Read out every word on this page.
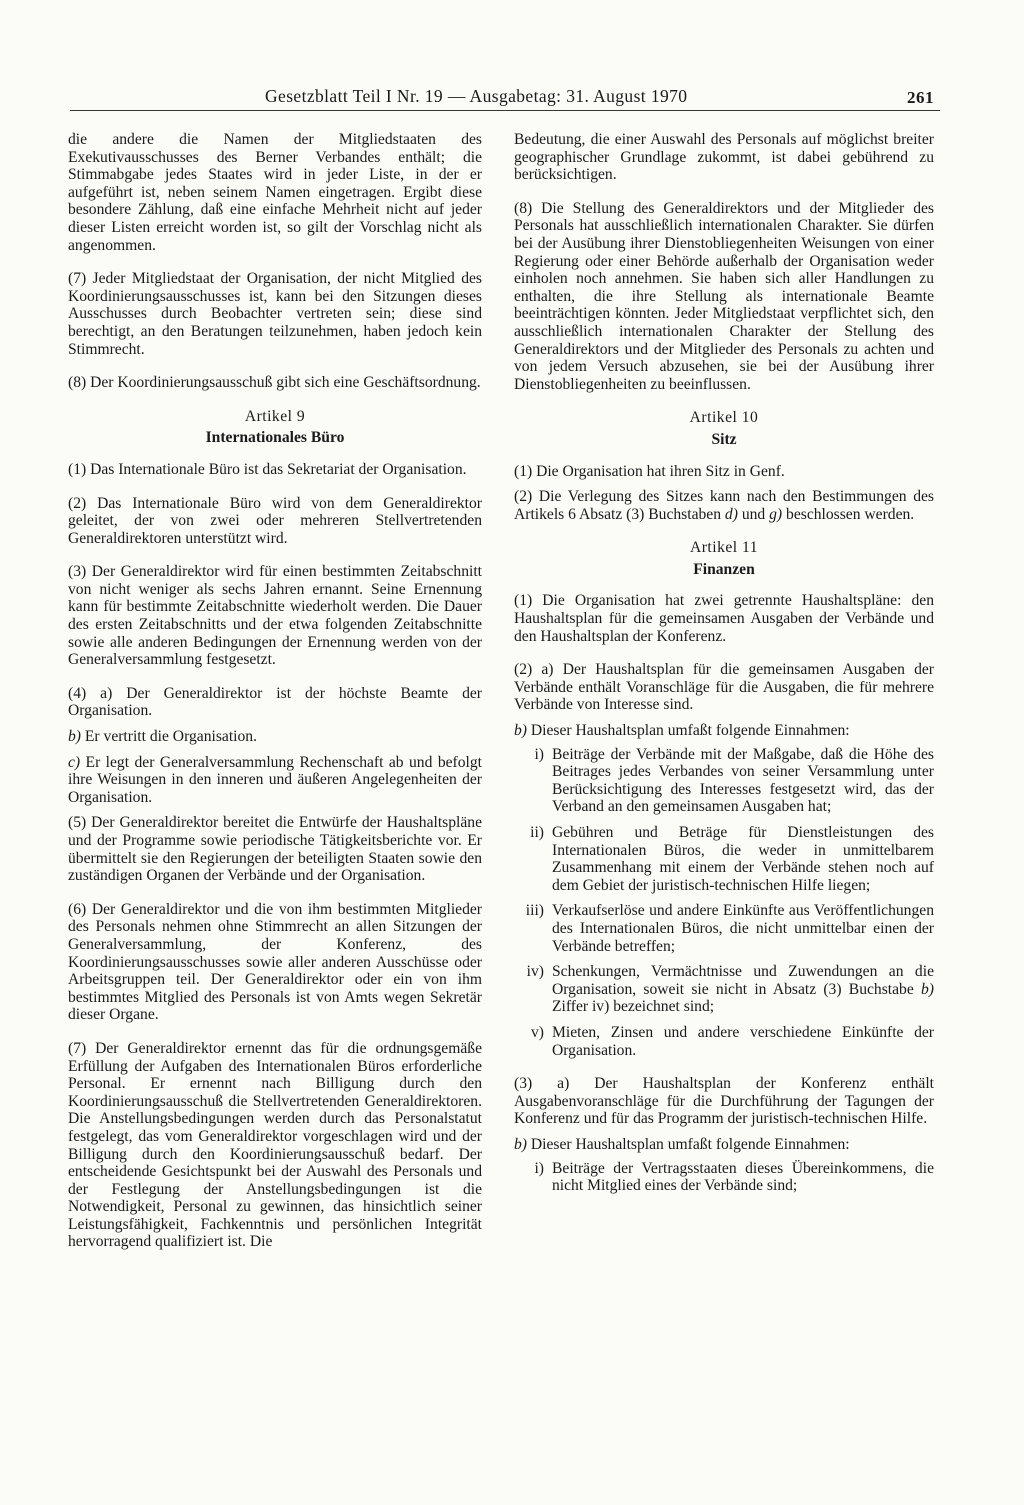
Gesetzblatt Teil I Nr. 19 — Ausgabetag: 31. August 1970	261

die andere die Namen der Mitgliedstaaten des Exekutivausschusses des Berner Verbandes enthält; die Stimmabgabe jedes Staates wird in jeder Liste, in der er aufgeführt ist, neben seinem Namen eingetragen. Ergibt diese besondere Zählung, daß eine einfache Mehrheit nicht auf jeder dieser Listen erreicht worden ist, so gilt der Vorschlag nicht als angenommen.

(7) Jeder Mitgliedstaat der Organisation, der nicht Mitglied des Koordinierungsausschusses ist, kann bei den Sitzungen dieses Ausschusses durch Beobachter vertreten sein; diese sind berechtigt, an den Beratungen teilzunehmen, haben jedoch kein Stimmrecht.

(8) Der Koordinierungsausschuß gibt sich eine Geschäftsordnung.

Artikel 9
Internationales Büro

(1) Das Internationale Büro ist das Sekretariat der Organisation.

(2) Das Internationale Büro wird von dem Generaldirektor geleitet, der von zwei oder mehreren Stellvertretenden Generaldirektoren unterstützt wird.

(3) Der Generaldirektor wird für einen bestimmten Zeitabschnitt von nicht weniger als sechs Jahren ernannt. Seine Ernennung kann für bestimmte Zeitabschnitte wiederholt werden. Die Dauer des ersten Zeitabschnitts und der etwa folgenden Zeitabschnitte sowie alle anderen Bedingungen der Ernennung werden von der Generalversammlung festgesetzt.

(4) a) Der Generaldirektor ist der höchste Beamte der Organisation.

b) Er vertritt die Organisation.

c) Er legt der Generalversammlung Rechenschaft ab und befolgt ihre Weisungen in den inneren und äußeren Angelegenheiten der Organisation.

(5) Der Generaldirektor bereitet die Entwürfe der Haushaltspläne und der Programme sowie periodische Tätigkeitsberichte vor. Er übermittelt sie den Regierungen der beteiligten Staaten sowie den zuständigen Organen der Verbände und der Organisation.

(6) Der Generaldirektor und die von ihm bestimmten Mitglieder des Personals nehmen ohne Stimmrecht an allen Sitzungen der Generalversammlung, der Konferenz, des Koordinierungsausschusses sowie aller anderen Ausschüsse oder Arbeitsgruppen teil. Der Generaldirektor oder ein von ihm bestimmtes Mitglied des Personals ist von Amts wegen Sekretär dieser Organe.

(7) Der Generaldirektor ernennt das für die ordnungsgemäße Erfüllung der Aufgaben des Internationalen Büros erforderliche Personal. Er ernennt nach Billigung durch den Koordinierungsausschuß die Stellvertretenden Generaldirektoren. Die Anstellungsbedingungen werden durch das Personalstatut festgelegt, das vom Generaldirektor vorgeschlagen wird und der Billigung durch den Koordinierungsausschuß bedarf. Der entscheidende Gesichtspunkt bei der Auswahl des Personals und der Festlegung der Anstellungsbedingungen ist die Notwendigkeit, Personal zu gewinnen, das hinsichtlich seiner Leistungsfähigkeit, Fachkenntnis und persönlichen Integrität hervorragend qualifiziert ist. Die

Bedeutung, die einer Auswahl des Personals auf möglichst breiter geographischer Grundlage zukommt, ist dabei gebührend zu berücksichtigen.

(8) Die Stellung des Generaldirektors und der Mitglieder des Personals hat ausschließlich internationalen Charakter. Sie dürfen bei der Ausübung ihrer Dienstobliegenheiten Weisungen von einer Regierung oder einer Behörde außerhalb der Organisation weder einholen noch annehmen. Sie haben sich aller Handlungen zu enthalten, die ihre Stellung als internationale Beamte beeinträchtigen könnten. Jeder Mitgliedstaat verpflichtet sich, den ausschließlich internationalen Charakter der Stellung des Generaldirektors und der Mitglieder des Personals zu achten und von jedem Versuch abzusehen, sie bei der Ausübung ihrer Dienstobliegenheiten zu beeinflussen.

Artikel 10
Sitz

(1) Die Organisation hat ihren Sitz in Genf.

(2) Die Verlegung des Sitzes kann nach den Bestimmungen des Artikels 6 Absatz (3) Buchstaben d) und g) beschlossen werden.

Artikel 11
Finanzen

(1) Die Organisation hat zwei getrennte Haushaltspläne: den Haushaltsplan für die gemeinsamen Ausgaben der Verbände und den Haushaltsplan der Konferenz.

(2) a) Der Haushaltsplan für die gemeinsamen Ausgaben der Verbände enthält Voranschläge für die Ausgaben, die für mehrere Verbände von Interesse sind.

b) Dieser Haushaltsplan umfaßt folgende Einnahmen:

i) Beiträge der Verbände mit der Maßgabe, daß die Höhe des Beitrages jedes Verbandes von seiner Versammlung unter Berücksichtigung des Interesses festgesetzt wird, das der Verband an den gemeinsamen Ausgaben hat;
ii) Gebühren und Beträge für Dienstleistungen des Internationalen Büros, die weder in unmittelbarem Zusammenhang mit einem der Verbände stehen noch auf dem Gebiet der juristisch-technischen Hilfe liegen;
iii) Verkaufserlöse und andere Einkünfte aus Veröffentlichungen des Internationalen Büros, die nicht unmittelbar einen der Verbände betreffen;
iv) Schenkungen, Vermächtnisse und Zuwendungen an die Organisation, soweit sie nicht in Absatz (3) Buchstabe b) Ziffer iv) bezeichnet sind;
v) Mieten, Zinsen und andere verschiedene Einkünfte der Organisation.

(3) a) Der Haushaltsplan der Konferenz enthält Ausgabenvoranschläge für die Durchführung der Tagungen der Konferenz und für das Programm der juristisch-technischen Hilfe.

b) Dieser Haushaltsplan umfaßt folgende Einnahmen:

i) Beiträge der Vertragsstaaten dieses Übereinkommens, die nicht Mitglied eines der Verbände sind;
